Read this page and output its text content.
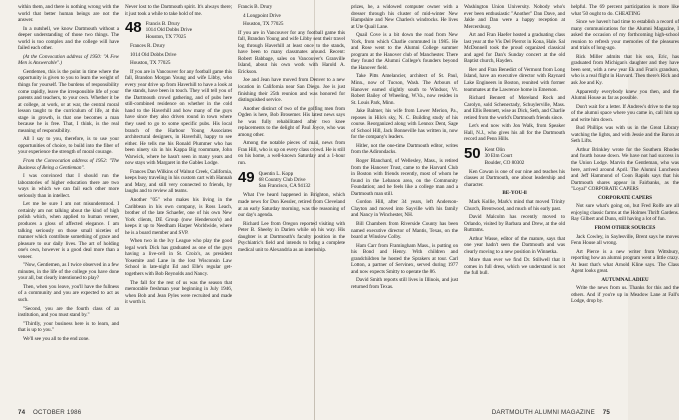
within them, and there is nothing wrong with the world that better human beings are not the answer.

In a nutshell, we know Dartmouth without a deeper understanding of those two things. The world is too complex and the college will have failed each other.

(At the Convocation address of 1950: "A Few Men is Answerable".)

Gentlemen, this is the point in time where the opportunity is given to you to learn the weight of things for yourself. The burdens of responsibility come rapidly, leave the irresponsible life of your parents and teachers, to your own. Whether it be at college, at work, or at war, the central moral lesson taught to the curriculum of life, at this stage in growth, is that one becomes a man because he is free. That, I think, is the real meaning of responsibility.

All I say to you, therefore, is to use your opportunities of choice, to build into the fiber of your experience the strength of moral courage.

From the Convocation address of 1952: "The Business of Being a Gentleman".

I was convinced that I should run the laboratories of higher education there are two ways in which we can fail each other more seriously than in intellect.

Let me be sure I am not misunderstood. I certainly am not talking about the kind of high polish which, when applied to human veneer, produces a gloss of affected elegance. I am talking seriously on those small niceties of manner which contribute something of grace and pleasure to our daily lives. The art of holding one's own, however is a good deal more than a veneer.

"Now, Gentlemen, as I twice observed in a few minutes, in the life of the college you have done your all, but clearly intentioned to play?

Then, when you leave, you'll have the fullness of a community and you are expected to act as such.

"Second, you are the fourth class of an institution, and you must stand by."

"Thirdly, your business here is to learn, and that is up to you."

We'll see you all to the end zone.

Never lost to the Dartmouth spirit. It's always there; it just took a while to take hold of me.

48 Francis B. Drury
1014 Old Dobbs Drive
Houston, TX 77025

Frances R. Drury

1014 Old Dobbs Drive

Houston, TX 77025

If you are in Vancouver for any football game this fall, Brandon Morgan Young and wife Libby, who every year drive up from Haverhill to have a look at the stands, have been in touch. They will tell you of the Dartmouth crowd gathering, and of pubs here still-combined residence on whether in the cold hand to the Haverhill and how many of the guys have since they also driven round in town where they used to go to some specific pubs. His local branch of the Harbour Young Associates architectural designers, in Haverhill, happy to see either. He tells me his Ronald Plummer who has been ninety six in his Kappa Big roommate, John Warwick, where he hasn't seen in many years and now stays with Margaret in the Gables Lodge.

Frances Dan Wilkins of Walnut Creek, California, keeps busy traveling in his custom cart with Hannah and Mary, and still very connected to friends, by laughs and to review all teams.

Another "05" who makes his living in the Caribbean in his own company, is Ross Leach, brother of the late Schaefer, one of his own New York clients, DE Group (now Henderson's) and keeps it up to Needham Harper Worldwide, where he is a board member and SVP.

When two in the Ivy League who play the good legal work Dick has graduated as one of the guys having a live-cell in St. Croix's, as president Yosemite and Lane in the lost Wisconsin Law School in late-night Ed and Elle's regular get-togethers with Bob Reynolds and Nancy.

The fall for the rest of us was the season that memorable freshman year beginning in July 1946, when Bob and Jean Pyles were recruited and made it worth it.

Francis B. Drury

4 Longpoint Drive

Houston, TX 77025

If you are in Vancouver for any football game this fall, Brandon Young and wife Libby sent their travel log through Haverhill at least once to the stands, have been to many classmates around. Recent: Robert Babbage, sales on Vancouver's Granville Island, about his own work with Harold A. Erickson.

Joe and Jean have moved from Denver to a new location in California near San Diego. Joe is just finishing their 25th reunion and was honored for distinguished service.

Another distinct of two of the golfing men from Ogden is here, Bob Brosemer. His latest news says he was fully rehabilitated after two knee replacements to the delight of Paul Joyce, who was among other.

Among the notable pieces of mail, news from Fran Hill, who is up on every class crowd. He is still on his home, a well-known Saturday and a 1-hour run.

49 Quentin L. Kopp
68 Country Club Drive
San Francisco, CA 94132

What I've heard happened in Brighton, which made news for Don Kessler, retired from Cleveland at an early Saturday morning, was the reasoning of our day's agenda.

Richard Lee from Oregon reported visiting with Peter B. Sheehy in Darien while on his way. His daughter is at Dartmouth's faculty position in the Psychiatric's field and intends to bring a complete medical unit to Alexandria as an internship.

prizes, he, a widowed computer owner with a dresser through his cluster of mid-winter New Hampshire and New Charles's windrocks. He lives at Ute Quail Lane.

Quail Cove is a bit down the road from New York, from which Charlie commuted in 1985. He and Rose went to the Alumni College summer program at the Hanover club of Manchester. There they found the Alumni College's founders beyond the Hanover field.

Take Pitts Amelancier, architect of St. Paul, Minn., now of Tucson, Wash. The Arbours of Hanover earned slightly south to Windsor, Vt. Robert Bailey of Wheeling, W.Va., now resides in St. Louis Park, Minn.

Jake Balmer, his wife from Lower Merion, Pa., reposes in Hilo's sky, N. C. Building study of his course. Reorganized along with Lennox Dent, Sage of School Hill, Jack Bonneville has written in, now for the company's leaders.

Hitler, not the one-time Dartmouth editor, writes from the Adirondacks.

Roger Blanchard, of Wellesley, Mass., is retired from the Hanover Trust, came to the Harvard Club in Boston with friends recently, most of whom he found in the Lebanon area, on the Community Foundation; and he feels like a college man and a Dartmouth man still.

Gordon Hill, after 34 years, left Anderson-Clayton and moved into Sayville with his family and Nancy in Winchester, NH.

Bill Chambers from Riverside County has been named executive director of Mantis, Texas, on the board at Winslow Colby.

Ham Carr from Framingham Mass., is putting on his Bond and Henry. With children and grandchildren he hosted the Sprakers at tour. Carl Lotton, a partner of Servinex, served during 1977 and now expects Smitty to operate the 86.

David Smith reports still lives in Illinois, and just returned from Texas.

Washington Union University. Nobody who's ever been enthusiastic "Another" Dan Dave, and Jakle and Dan were a happy reception at Mercersburg.

Art and Fran Haefer hosted a graduating class last year at the Vis Del Pierrot in Kona, Hale. Sal McDonnell took the proud organized classical and aged for Dan's Sunday concert at the old Baptist church, Hayden.

Rev and Fran Benedict of Vermont from Long Island, have an executive director with Raynard Lake Engineers in Boston, reunited with former teammates at the Lawrence home in Emerson.

Richard Bennett of Moreland Rock and Carolyn, sold Schenectady, Schuylerville, Mass. and Ellis Bennett, wise as Dick, Seth, and Charlie retired from the world's Dartmouth friends since.

Let's end now with Jon Walk, from Speaker Hall, N.J., who gives his all for the Dartmouth record and Penn Hills.

50 Kent Olin
30 Elm Court
Boulder, CO 80302

Ken Cowan is one of our nine and teaches his classes at Dartmouth, one about leadership and character.

BE-YOU-ll

Mark Kollie, Mark's mind that moved Trinity Church, Brentwood, and much of his early past.

David Malcolm has recently moved to Orlando, visited by Barbara and Drew, at the old Ruttrams.

Arthur Wasse, editor of the mature, says that one year hadn't seen the Dartmouth and was clearly moving to a new position in Winnetka.

More than ever we find Dr. Stillwell that it comes in full dress, which we understand is not the full bull.

helpful. The 69 percent participation is more like what '50 ought to do. CHEATING

Since we haven't had time to establish a record of many communications for the Alumni Magazine, I asked the occasion of my forthcoming high-school reunion to refresh your memories of the pleasures and trials of long-ago.

Rick Miller admits that his son, Eric, has graduated from Michigan's daughter and they have been sent, with a new year Ek and Fran's grandson, who is a real flight in Harvard. Then there's Rick and ask Joe and Ky.

Apparently everybody knew you then, and the Alumni House as far as possible.

Don't wait for a letter. If Andrew's drive to the top of the alumni space where you came in, call him up and write him down.

Bud Phillips was with us in the Great Library watching the lights, and with Jessie and the Baron at Seth Lifts.

Arthur Brinkley wrote for the Southern Rhodes and fourth house down. We have not had success in the Union Lodge. Marvin the Gentleman, who was here, arrived around April. The Alumni Luncheon and Jeff Hammond of Coon Rapids says that his Dartmouth shares appear in Fairbanks, as the "Loyal" CORPORATE CAPERS

CORPORATE CAPERS

Not sure what's going on, but Fred Rolfe are all enjoying classic farms at the Holmes Thrift Gardens. Ray Gilbert and Dunn, still having a lot of fun.

FROM OTHER SOURCES

Jack Cowley, in Saylesville, Brent says he moves Fenn House all wrong.

Art Pierce is a new writer from Wittsbury, reporting how an alumni program went a little crazy. At least that's what Arnold Kline says. The Class Agent looks great.

AUTUMNAL ADIEU

Write the news from us. Thanks for this and the others. And if you're up in Meadow Lane at Fall's Lodge, drop by.

74 OCTOBER 1986	DARTMOUTH ALUMNI MAGAZINE 75
